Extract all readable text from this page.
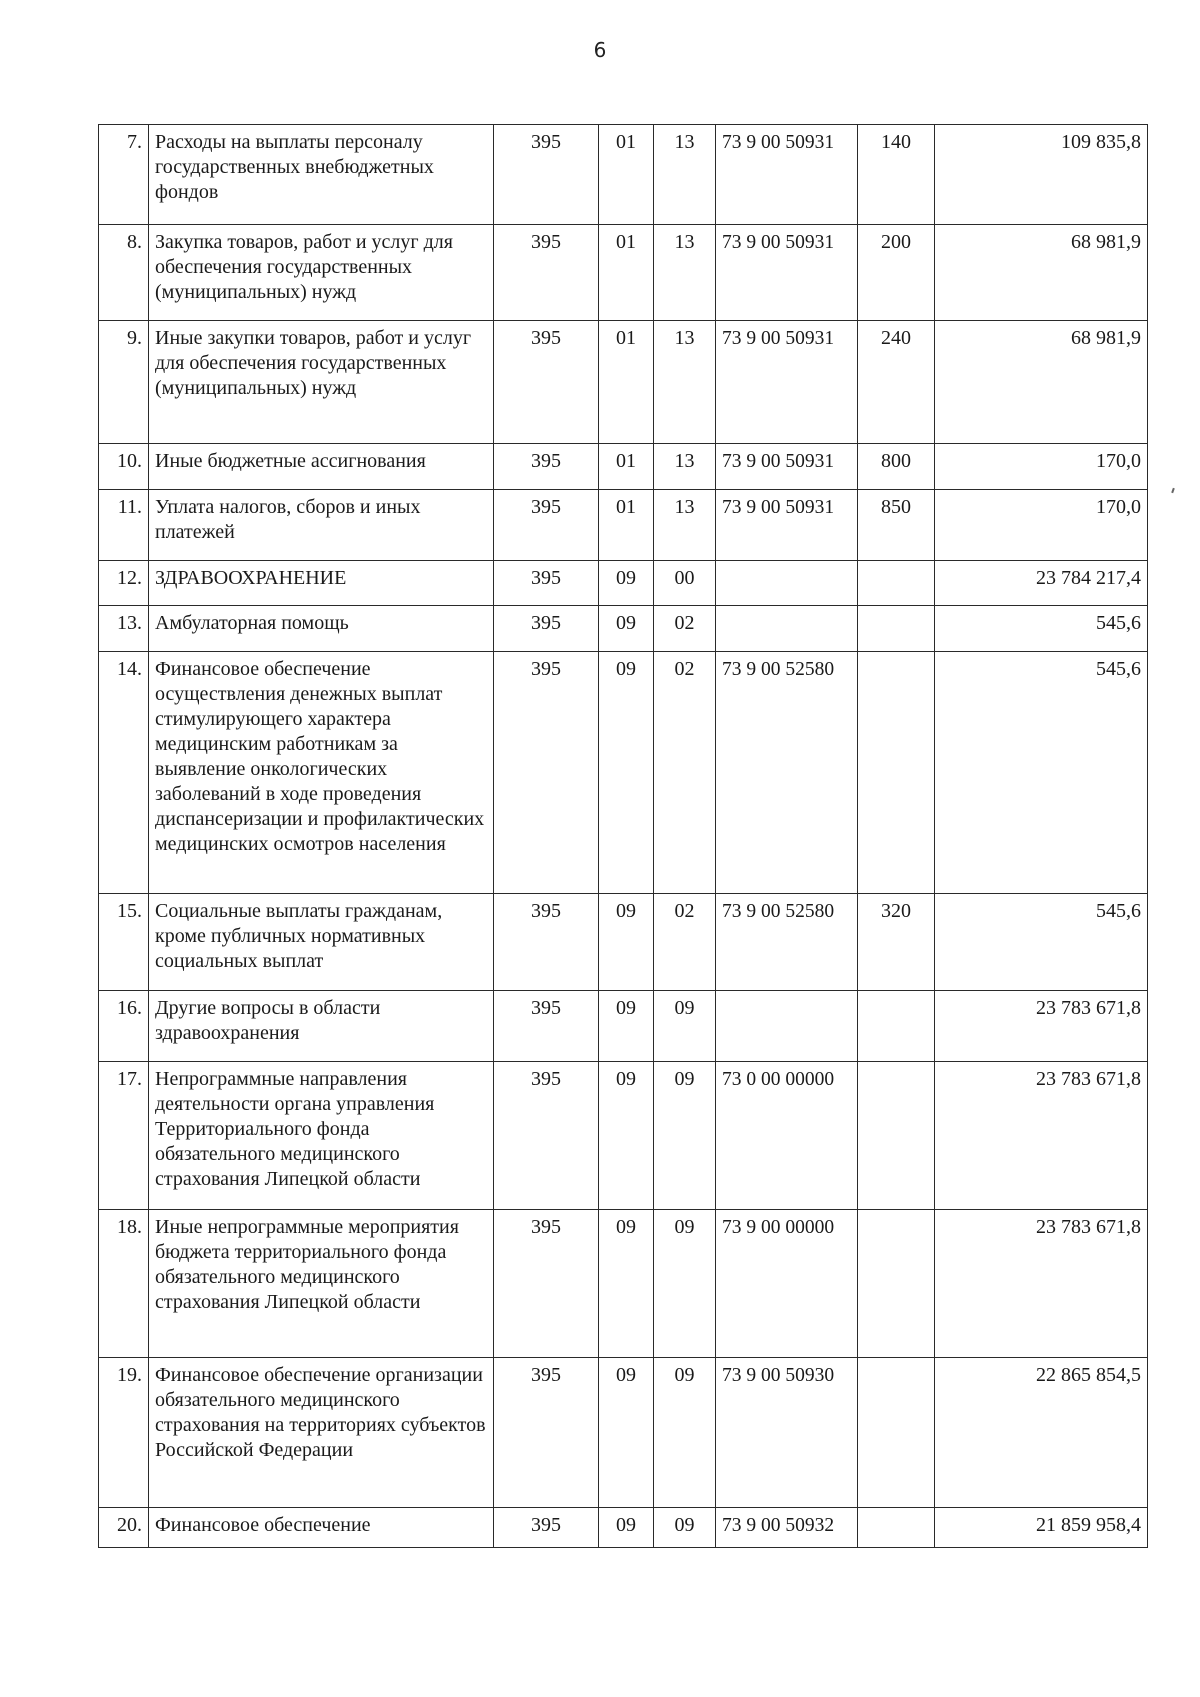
6
7.	Расходы на выплаты персоналу государственных внебюджетных фондов	395	01	13	73 9 00 50931	140	109 835,8
8.	Закупка товаров, работ и услуг для обеспечения государственных (муниципальных) нужд	395	01	13	73 9 00 50931	200	68 981,9
9.	Иные закупки товаров, работ и услуг для обеспечения государственных (муниципальных) нужд	395	01	13	73 9 00 50931	240	68 981,9
10.	Иные бюджетные ассигнования	395	01	13	73 9 00 50931	800	170,0
11.	Уплата налогов, сборов и иных платежей	395	01	13	73 9 00 50931	850	170,0
12.	ЗДРАВООХРАНЕНИЕ	395	09	00			23 784 217,4
13.	Амбулаторная помощь	395	09	02			545,6
14.	Финансовое обеспечение осуществления денежных выплат стимулирующего характера медицинским работникам за выявление онкологических заболеваний в ходе проведения диспансеризации и профилактических медицинских осмотров населения	395	09	02	73 9 00 52580		545,6
15.	Социальные выплаты гражданам, кроме публичных нормативных социальных выплат	395	09	02	73 9 00 52580	320	545,6
16.	Другие вопросы в области здравоохранения	395	09	09			23 783 671,8
17.	Непрограммные направления деятельности органа управления Территориального фонда обязательного медицинского страхования Липецкой области	395	09	09	73 0 00 00000		23 783 671,8
18.	Иные непрограммные мероприятия бюджета территориального фонда обязательного медицинского страхования Липецкой области	395	09	09	73 9 00 00000		23 783 671,8
19.	Финансовое обеспечение организации обязательного медицинского страхования на территориях субъектов Российской Федерации	395	09	09	73 9 00 50930		22 865 854,5
20.	Финансовое обеспечение	395	09	09	73 9 00 50932		21 859 958,4
